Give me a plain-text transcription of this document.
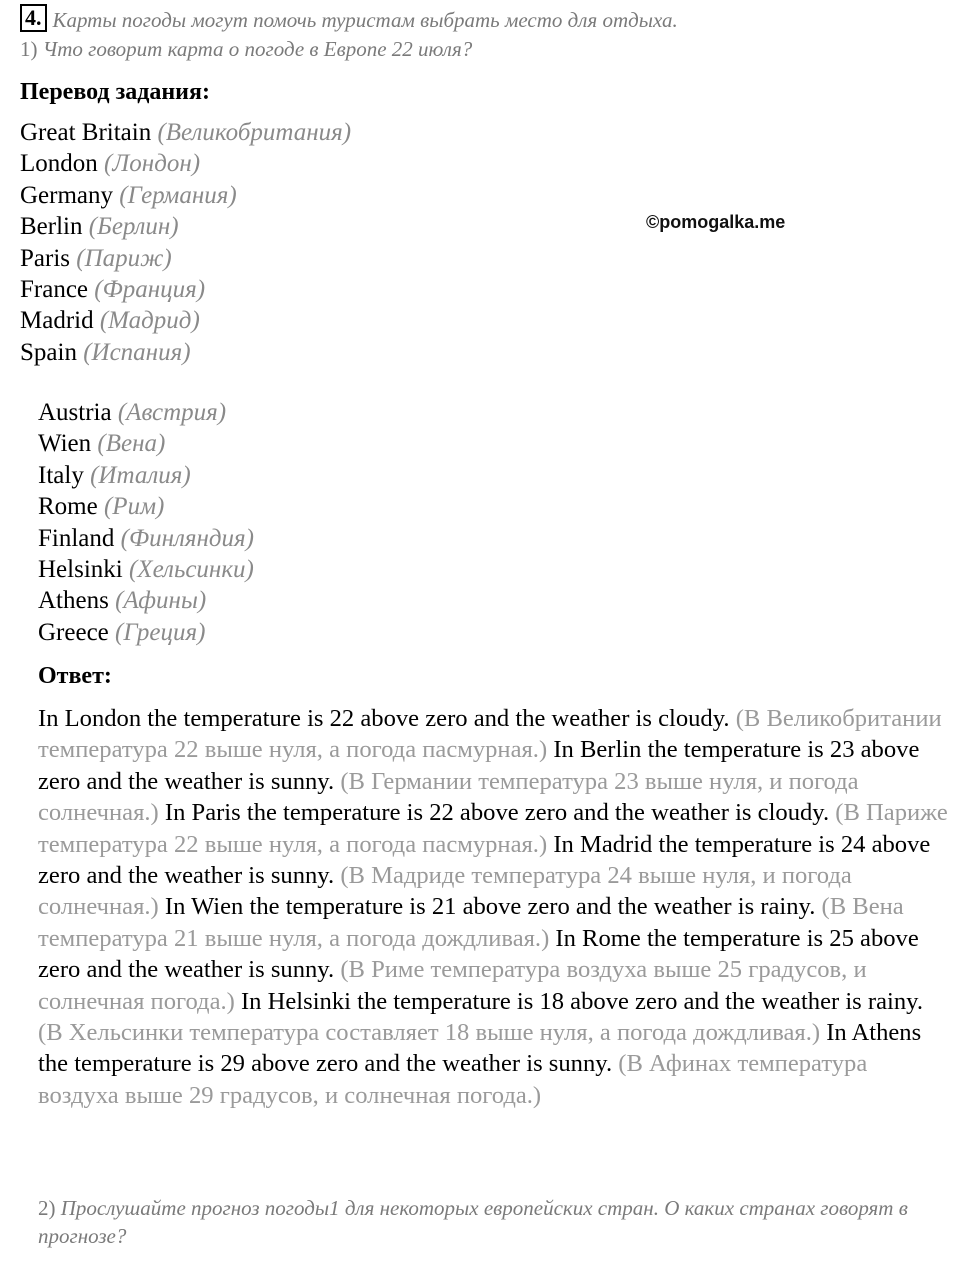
4. Карты погоды могут помочь туристам выбрать место для отдыха.
1) Что говорит карта о погоде в Европе 22 июля?
Перевод задания:
Great Britain (Великобритания)
London (Лондон)
Germany (Германия)
Berlin (Берлин)
Paris (Париж)
France (Франция)
Madrid (Мадрид)
Spain (Испания)
©pomogalka.me
Austria (Австрия)
Wien (Вена)
Italy (Италия)
Rome (Рим)
Finland (Финляндия)
Helsinki (Хельсинки)
Athens (Афины)
Greece (Греция)
Ответ:
In London the temperature is 22 above zero and the weather is cloudy. (В Великобритании температура 22 выше нуля, а погода пасмурная.) In Berlin the temperature is 23 above zero and the weather is sunny. (В Германии температура 23 выше нуля, и погода солнечная.) In Paris the temperature is 22 above zero and the weather is cloudy. (В Париже температура 22 выше нуля, а погода пасмурная.) In Madrid the temperature is 24 above zero and the weather is sunny. (В Мадриде температура 24 выше нуля, и погода солнечная.) In Wien the temperature is 21 above zero and the weather is rainy. (В Вена температура 21 выше нуля, а погода дождливая.) In Rome the temperature is 25 above zero and the weather is sunny. (В Риме температура воздуха выше 25 градусов, и солнечная погода.) In Helsinki the temperature is 18 above zero and the weather is rainy. (В Хельсинки температура составляет 18 выше нуля, а погода дождливая.) In Athens the temperature is 29 above zero and the weather is sunny. (В Афинах температура воздуха выше 29 градусов, и солнечная погода.)
2) Прослушайте прогноз погоды1 для некоторых европейских стран. О каких странах говорят в прогнозе?
